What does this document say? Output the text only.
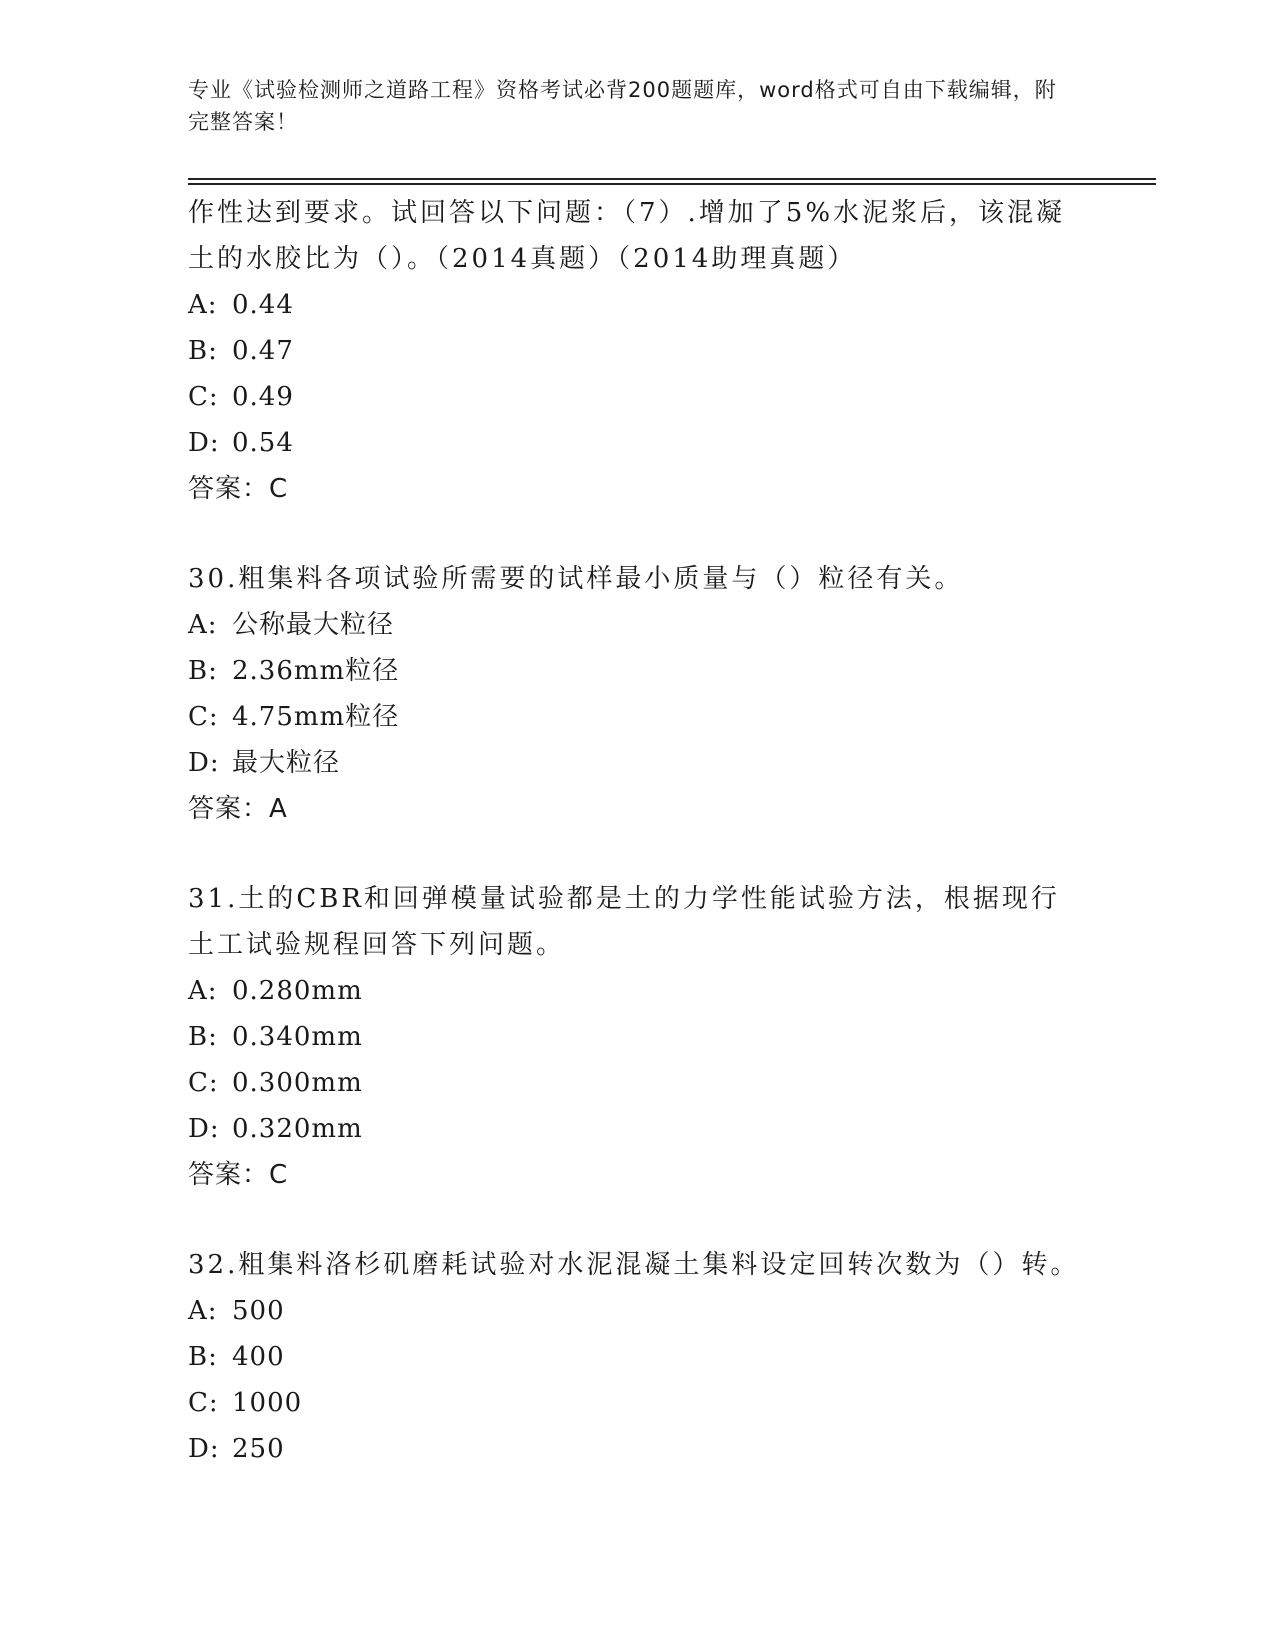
专业《试验检测师之道路工程》资格考试必背200题题库，word格式可自由下载编辑，附完整答案！
作性达到要求。试回答以下问题：（7）.增加了5%水泥浆后，该混凝土的水胶比为（）。（2014真题）（2014助理真题）
A: 0.44
B: 0.47
C: 0.49
D: 0.54
答案：C
30.粗集料各项试验所需要的试样最小质量与（）粒径有关。
A: 公称最大粒径
B: 2.36mm粒径
C: 4.75mm粒径
D: 最大粒径
答案：A
31.土的CBR和回弹模量试验都是土的力学性能试验方法，根据现行土工试验规程回答下列问题。
A: 0.280mm
B: 0.340mm
C: 0.300mm
D: 0.320mm
答案：C
32.粗集料洛杉矶磨耗试验对水泥混凝土集料设定回转次数为（）转。
A: 500
B: 400
C: 1000
D: 250
